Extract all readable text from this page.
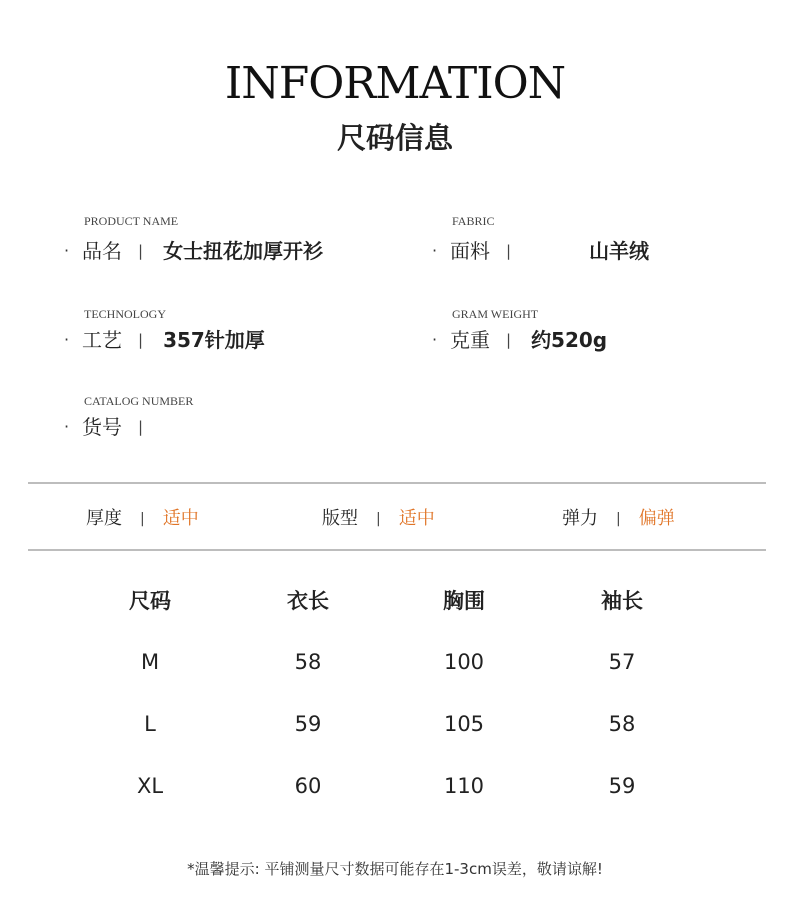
INFORMATION
尺码信息
PRODUCT NAME
· 品名 | 女士扭花加厚开衫
FABRIC
· 面料 |	山羊绒
TECHNOLOGY
· 工艺 | 357针加厚
GRAM WEIGHT
· 克重 | 约520g
CATALOG NUMBER
· 货号 |
厚度 | 适中	版型 | 适中	弹力 | 偏弹
尺码	衣长	胸围	袖长
M	58	100	57
L	59	105	58
XL	60	110	59
*温馨提示: 平铺测量尺寸数据可能存在1-3cm误差，敬请谅解!
